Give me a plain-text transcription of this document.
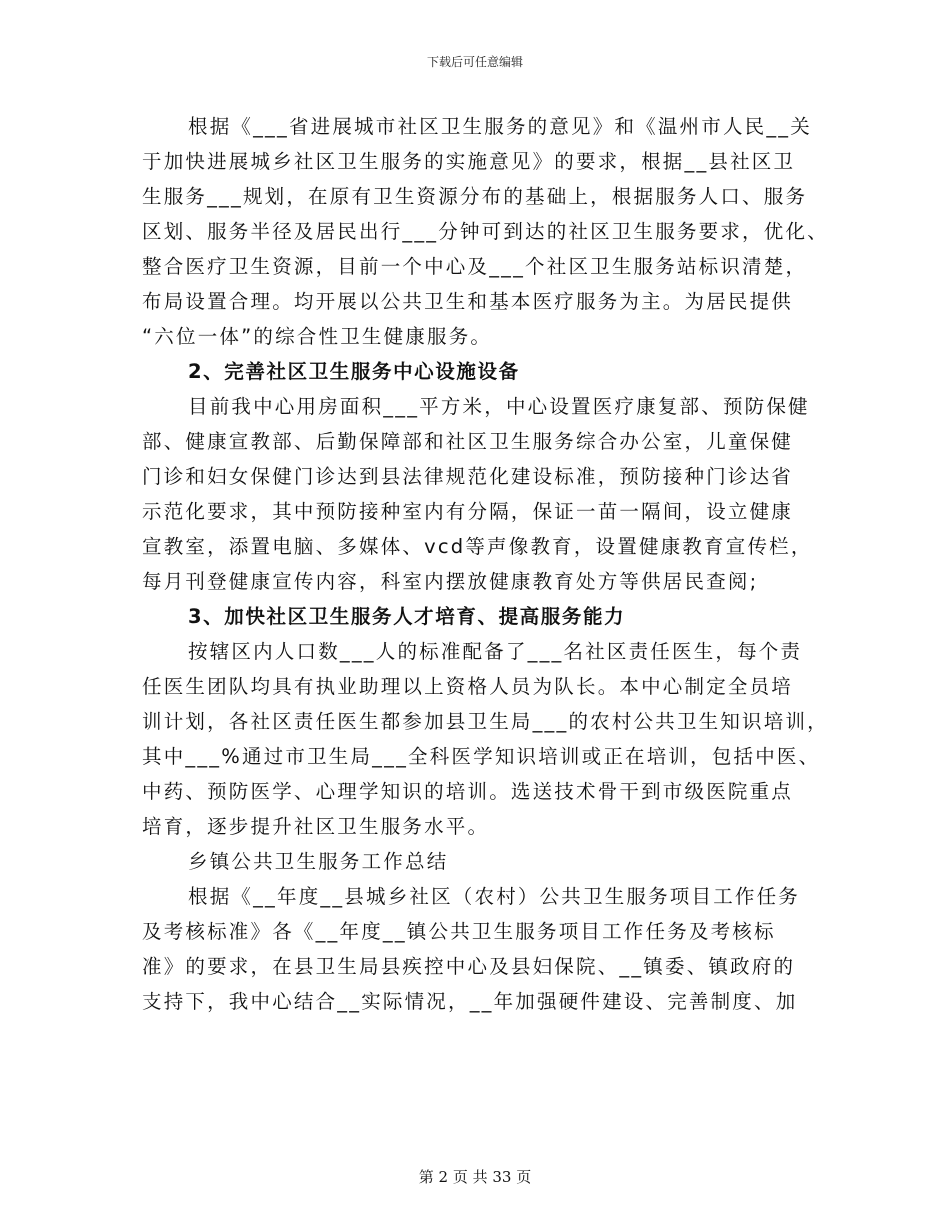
下载后可任意编辑
根据《___省进展城市社区卫生服务的意见》和《温州市人民__关
于加快进展城乡社区卫生服务的实施意见》的要求，根据__县社区卫
生服务___规划，在原有卫生资源分布的基础上，根据服务人口、服务
区划、服务半径及居民出行___分钟可到达的社区卫生服务要求，优化、
整合医疗卫生资源，目前一个中心及___个社区卫生服务站标识清楚，
布局设置合理。均开展以公共卫生和基本医疗服务为主。为居民提供
“六位一体”的综合性卫生健康服务。
2、完善社区卫生服务中心设施设备
目前我中心用房面积___平方米，中心设置医疗康复部、预防保健
部、健康宣教部、后勤保障部和社区卫生服务综合办公室，儿童保健
门诊和妇女保健门诊达到县法律规范化建设标准，预防接种门诊达省
示范化要求，其中预防接种室内有分隔，保证一苗一隔间，设立健康
宣教室，添置电脑、多媒体、vcd等声像教育，设置健康教育宣传栏，
每月刊登健康宣传内容，科室内摆放健康教育处方等供居民查阅;
3、加快社区卫生服务人才培育、提高服务能力
按辖区内人口数___人的标准配备了___名社区责任医生，每个责
任医生团队均具有执业助理以上资格人员为队长。本中心制定全员培
训计划，各社区责任医生都参加县卫生局___的农村公共卫生知识培训，
其中___%通过市卫生局___全科医学知识培训或正在培训，包括中医、
中药、预防医学、心理学知识的培训。选送技术骨干到市级医院重点
培育，逐步提升社区卫生服务水平。
乡镇公共卫生服务工作总结
根据《__年度__县城乡社区（农村）公共卫生服务项目工作任务
及考核标准》各《__年度__镇公共卫生服务项目工作任务及考核标
准》的要求，在县卫生局县疾控中心及县妇保院、__镇委、镇政府的
支持下，我中心结合__实际情况，__年加强硬件建设、完善制度、加
第 2 页 共 33 页
